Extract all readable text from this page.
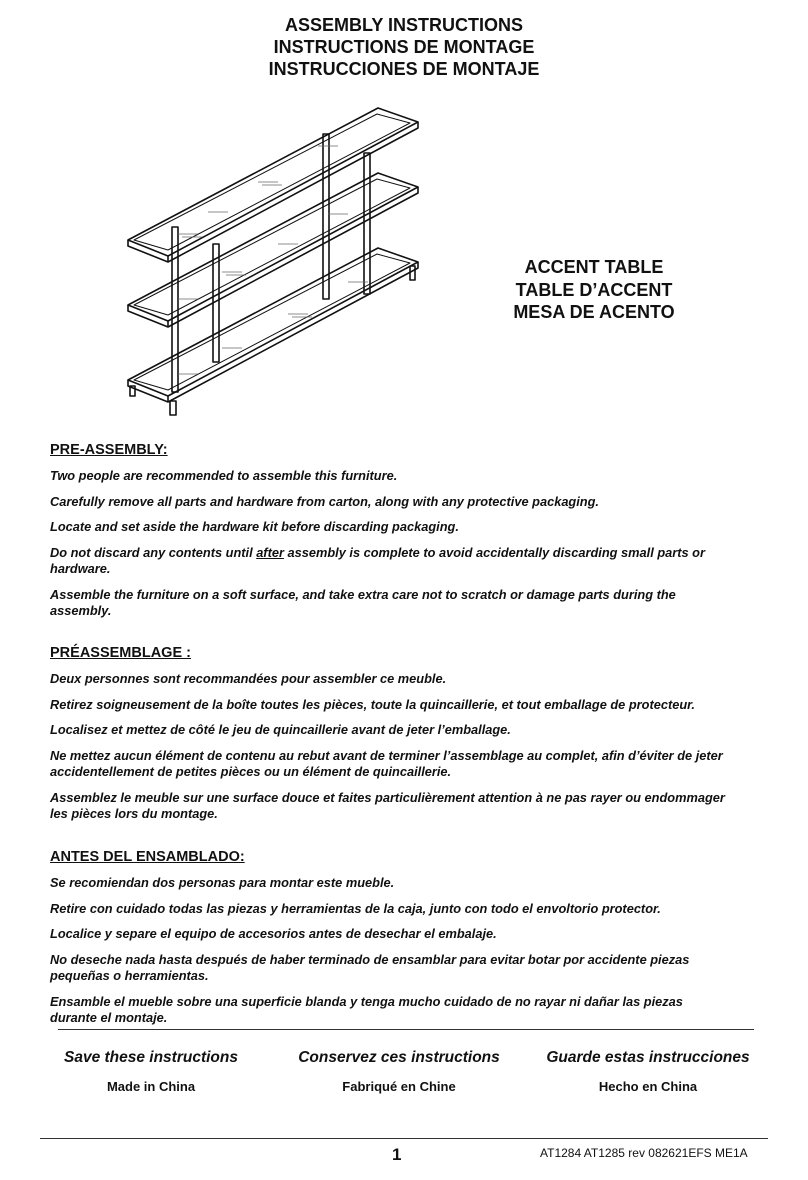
ASSEMBLY INSTRUCTIONS
INSTRUCTIONS DE MONTAGE
INSTRUCCIONES DE MONTAJE
ACCENT TABLE
TABLE D’ACCENT
MESA DE ACENTO
PRE-ASSEMBLY:

Two people are recommended to assemble this furniture.

Carefully remove all parts and hardware from carton, along with any protective packaging.

Locate and set aside the hardware kit before discarding packaging.

Do not discard any contents until after assembly is complete to avoid accidentally discarding small parts or hardware.

Assemble the furniture on a soft surface, and take extra care not to scratch or damage parts during the assembly.

PRÉASSEMBLAGE :

Deux personnes sont recommandées pour assembler ce meuble.

Retirez soigneusement de la boîte toutes les pièces, toute la quincaillerie, et tout emballage de protecteur.

Localisez et mettez de côté le jeu de quincaillerie avant de jeter l’emballage.

Ne mettez aucun élément de contenu au rebut avant de terminer l’assemblage au complet, afin d’éviter de jeter accidentellement de petites pièces ou un élément de quincaillerie.

Assemblez le meuble sur une surface douce et faites particulièrement attention à ne pas rayer ou endommager les pièces lors du montage.

ANTES DEL ENSAMBLADO:

Se recomiendan dos personas para montar este mueble.

Retire con cuidado todas las piezas y herramientas de la caja, junto con todo el envoltorio protector.

Localice y separe el equipo de accesorios antes de desechar el embalaje.

No deseche nada hasta después de haber terminado de ensamblar para evitar botar por accidente piezas pequeñas o herramientas.

Ensamble el mueble sobre una superficie blanda y tenga mucho cuidado de no rayar ni dañar las piezas durante el montaje.

Save these instructions
Made in China
Conservez ces instructions
Fabriqué en Chine
Guarde estas instrucciones
Hecho en China
1	AT1284 AT1285 rev 082621EFS ME1A
